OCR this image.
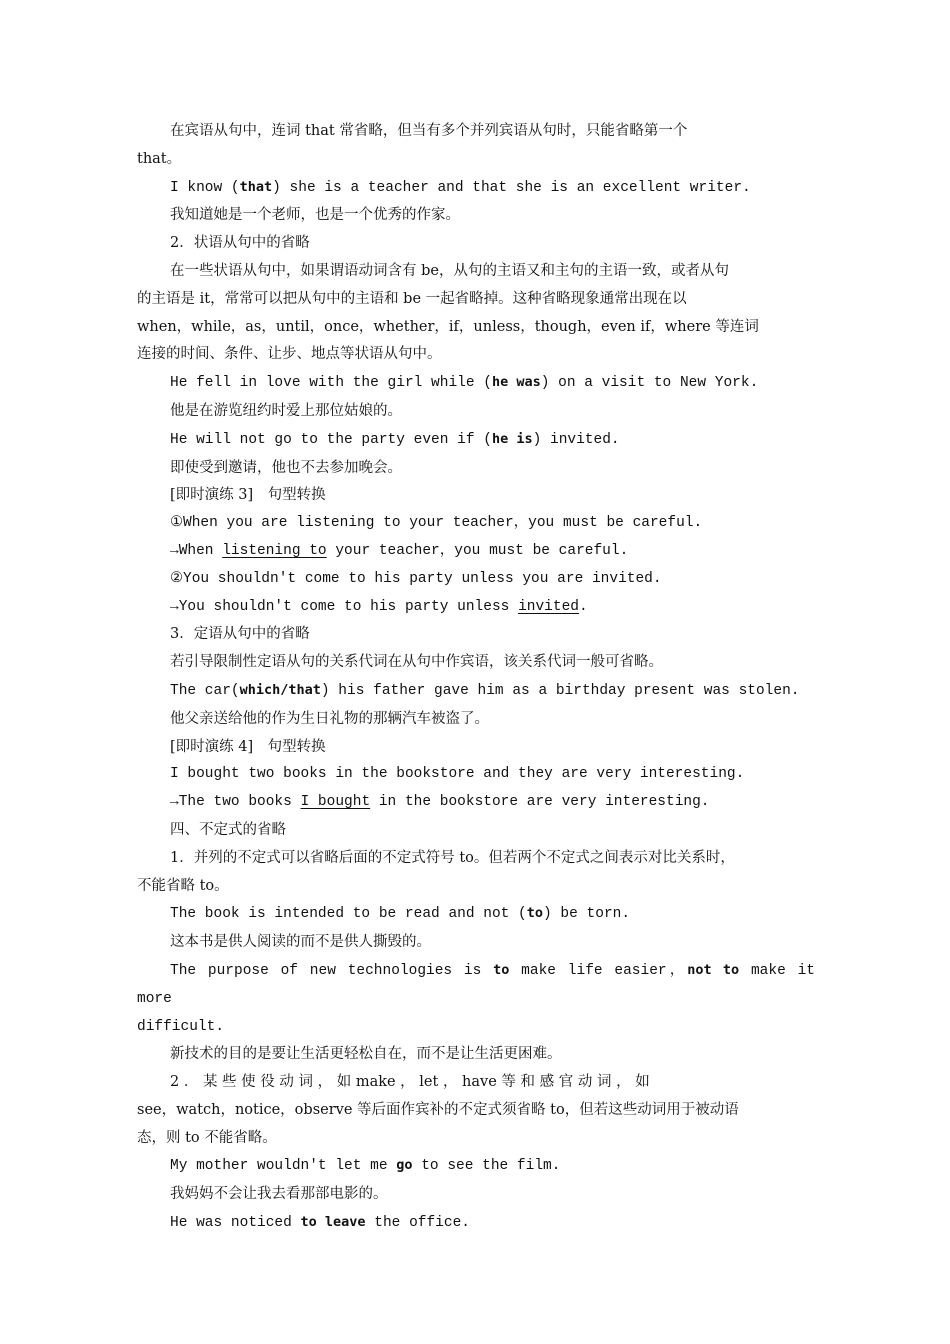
在宾语从句中，连词 that 常省略，但当有多个并列宾语从句时，只能省略第一个

that。

I know (that) she is a teacher and that she is an excellent writer.

我知道她是一个老师，也是一个优秀的作家。

2．状语从句中的省略

在一些状语从句中，如果谓语动词含有 be，从句的主语又和主句的主语一致，或者从句

的主语是 it，常常可以把从句中的主语和 be 一起省略掉。这种省略现象通常出现在以

when，while，as，until，once，whether，if，unless，though，even if，where 等连词

连接的时间、条件、让步、地点等状语从句中。

He fell in love with the girl while (he was) on a visit to New York.

他是在游览纽约时爱上那位姑娘的。

He will not go to the party even if (he is) invited.

即使受到邀请，他也不去参加晚会。

[即时演练 3]　句型转换

①When you are listening to your teacher，you must be careful.

→When listening to your teacher，you must be careful.

②You shouldn't come to his party unless you are invited.

→You shouldn't come to his party unless invited.

3．定语从句中的省略

若引导限制性定语从句的关系代词在从句中作宾语，该关系代词一般可省略。

The car(which/that) his father gave him as a birthday present was stolen.

他父亲送给他的作为生日礼物的那辆汽车被盗了。

[即时演练 4]　句型转换

I bought two books in the bookstore and they are very interesting.

→The two books I bought in the bookstore are very interesting.

四、不定式的省略

1．并列的不定式可以省略后面的不定式符号 to。但若两个不定式之间表示对比关系时，

不能省略 to。

The book is intended to be read and not (to) be torn.

这本书是供人阅读的而不是供人撕毁的。

The purpose of new technologies is to make life easier，not to make it more

difficult.

新技术的目的是要让生活更轻松自在，而不是让生活更困难。

2 ． 某 些 使 役 动 词 ， 如 make ， let ， have 等 和 感 官 动 词 ， 如

see，watch，notice，observe 等后面作宾补的不定式须省略 to，但若这些动词用于被动语

态，则 to 不能省略。

My mother wouldn't let me go to see the film.

我妈妈不会让我去看那部电影的。

He was noticed to leave the office.
